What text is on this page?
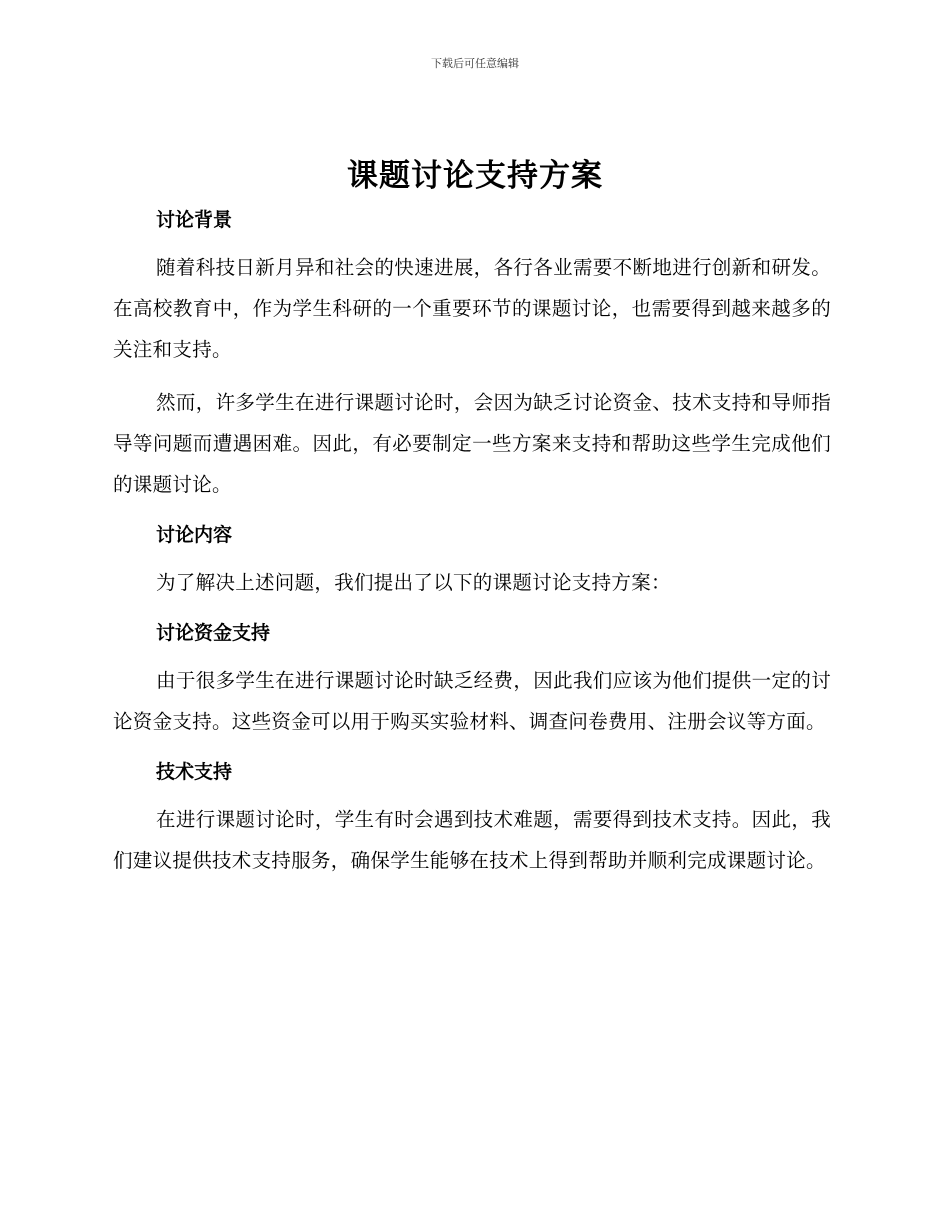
下载后可任意编辑
课题讨论支持方案
讨论背景

随着科技日新月异和社会的快速进展，各行各业需要不断地进行创新和研发。在高校教育中，作为学生科研的一个重要环节的课题讨论，也需要得到越来越多的关注和支持。

然而，许多学生在进行课题讨论时，会因为缺乏讨论资金、技术支持和导师指导等问题而遭遇困难。因此，有必要制定一些方案来支持和帮助这些学生完成他们的课题讨论。

讨论内容

为了解决上述问题，我们提出了以下的课题讨论支持方案：

讨论资金支持

由于很多学生在进行课题讨论时缺乏经费，因此我们应该为他们提供一定的讨论资金支持。这些资金可以用于购买实验材料、调查问卷费用、注册会议等方面。

技术支持

在进行课题讨论时，学生有时会遇到技术难题，需要得到技术支持。因此，我们建议提供技术支持服务，确保学生能够在技术上得到帮助并顺利完成课题讨论。
